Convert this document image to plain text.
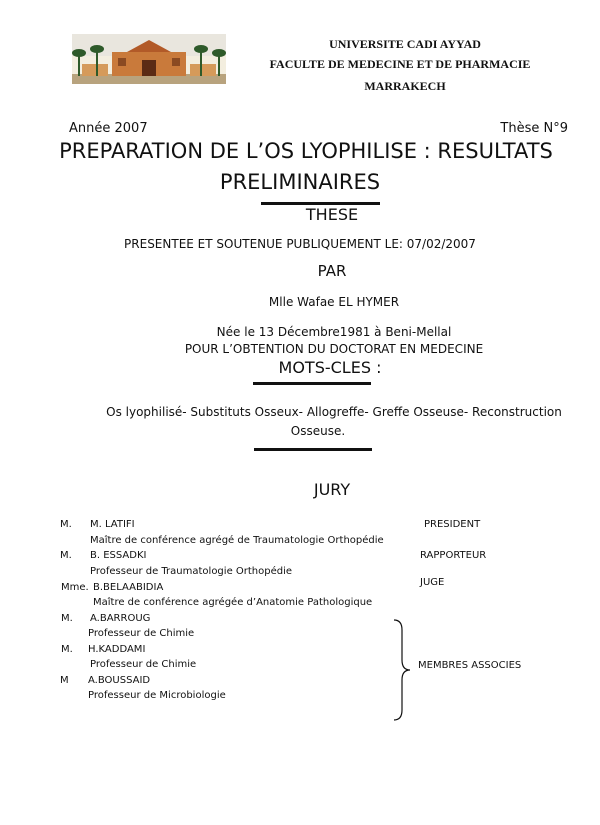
UNIVERSITE CADI AYYAD
FACULTE DE MEDECINE ET DE PHARMACIE
MARRAKECH
Année 2007	Thèse N°9
PREPARATION DE L’OS LYOPHILISE : RESULTATS
PRELIMINAIRES
THESE
PRESENTEE ET SOUTENUE PUBLIQUEMENT LE: 07/02/2007
PAR
Mlle Wafae EL HYMER
Née le 13 Décembre1981 à Beni-Mellal
POUR L’OBTENTION DU DOCTORAT EN MEDECINE
MOTS-CLES :
Os lyophilisé- Substituts Osseux- Allogreffe- Greffe Osseuse- Reconstruction
Osseuse.
JURY
M. M. LATIFI
Maître de conférence agrégé de Traumatologie Orthopédie
PRESIDENT
M. B. ESSADKI
Professeur de Traumatologie Orthopédie
RAPPORTEUR
Mme. B.BELAABIDIA
Maître de conférence agrégée d’Anatomie Pathologique
JUGE
M. A.BARROUG
Professeur de Chimie
M. H.KADDAMI
Professeur de Chimie
M A.BOUSSAID
Professeur de Microbiologie
MEMBRES ASSOCIES
